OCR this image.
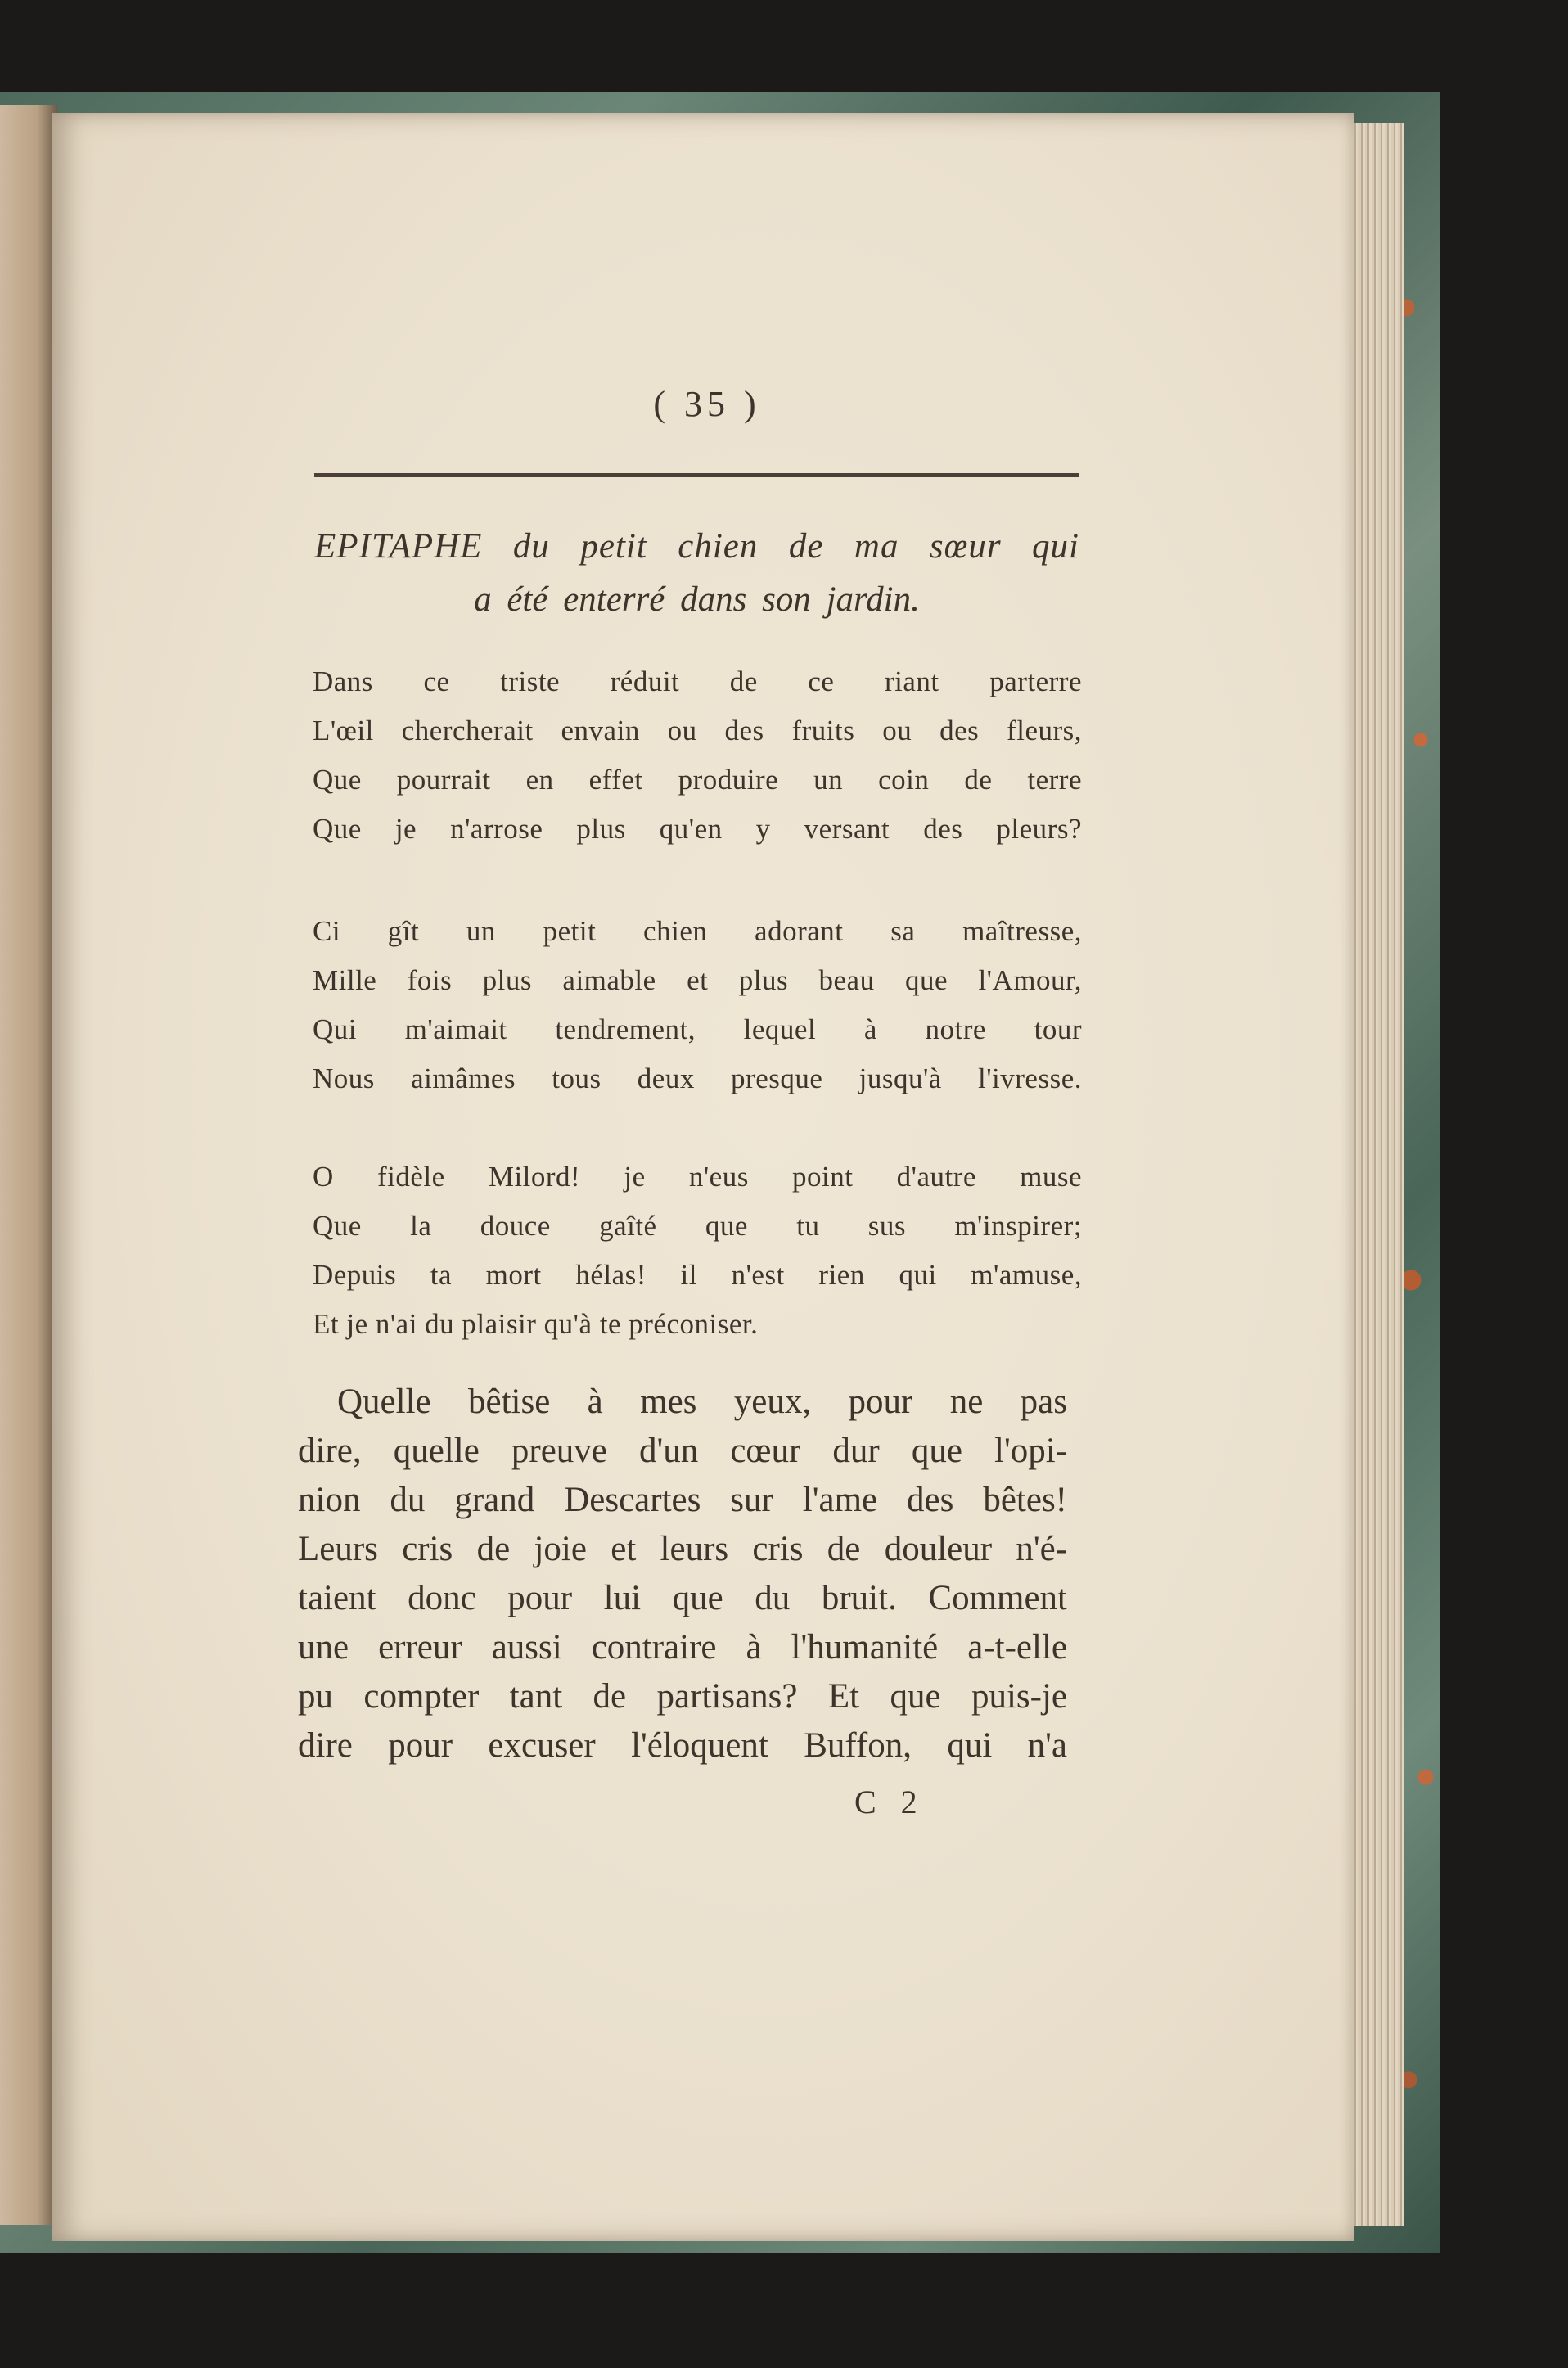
( 35 )
EPITAPHE du petit chien de ma sœur qui
a été enterré dans son jardin.
Dans ce triste réduit de ce riant parterre
L'œil chercherait envain ou des fruits ou des fleurs,
Que pourrait en effet produire un coin de terre
Que je n'arrose plus qu'en y versant des pleurs?
Ci gît un petit chien adorant sa maîtresse,
Mille fois plus aimable et plus beau que l'Amour,
Qui m'aimait tendrement, lequel à notre tour
Nous aimâmes tous deux presque jusqu'à l'ivresse.
O fidèle Milord! je n'eus point d'autre muse
Que la douce gaîté que tu sus m'inspirer;
Depuis ta mort hélas! il n'est rien qui m'amuse,
Et je n'ai du plaisir qu'à te préconiser.
Quelle bêtise à mes yeux, pour ne pas
dire, quelle preuve d'un cœur dur que l'opi-
nion du grand Descartes sur l'ame des bêtes!
Leurs cris de joie et leurs cris de douleur n'é-
taient donc pour lui que du bruit. Comment
une erreur aussi contraire à l'humanité a-t-elle
pu compter tant de partisans? Et que puis-je
dire pour excuser l'éloquent Buffon, qui n'a
C 2
